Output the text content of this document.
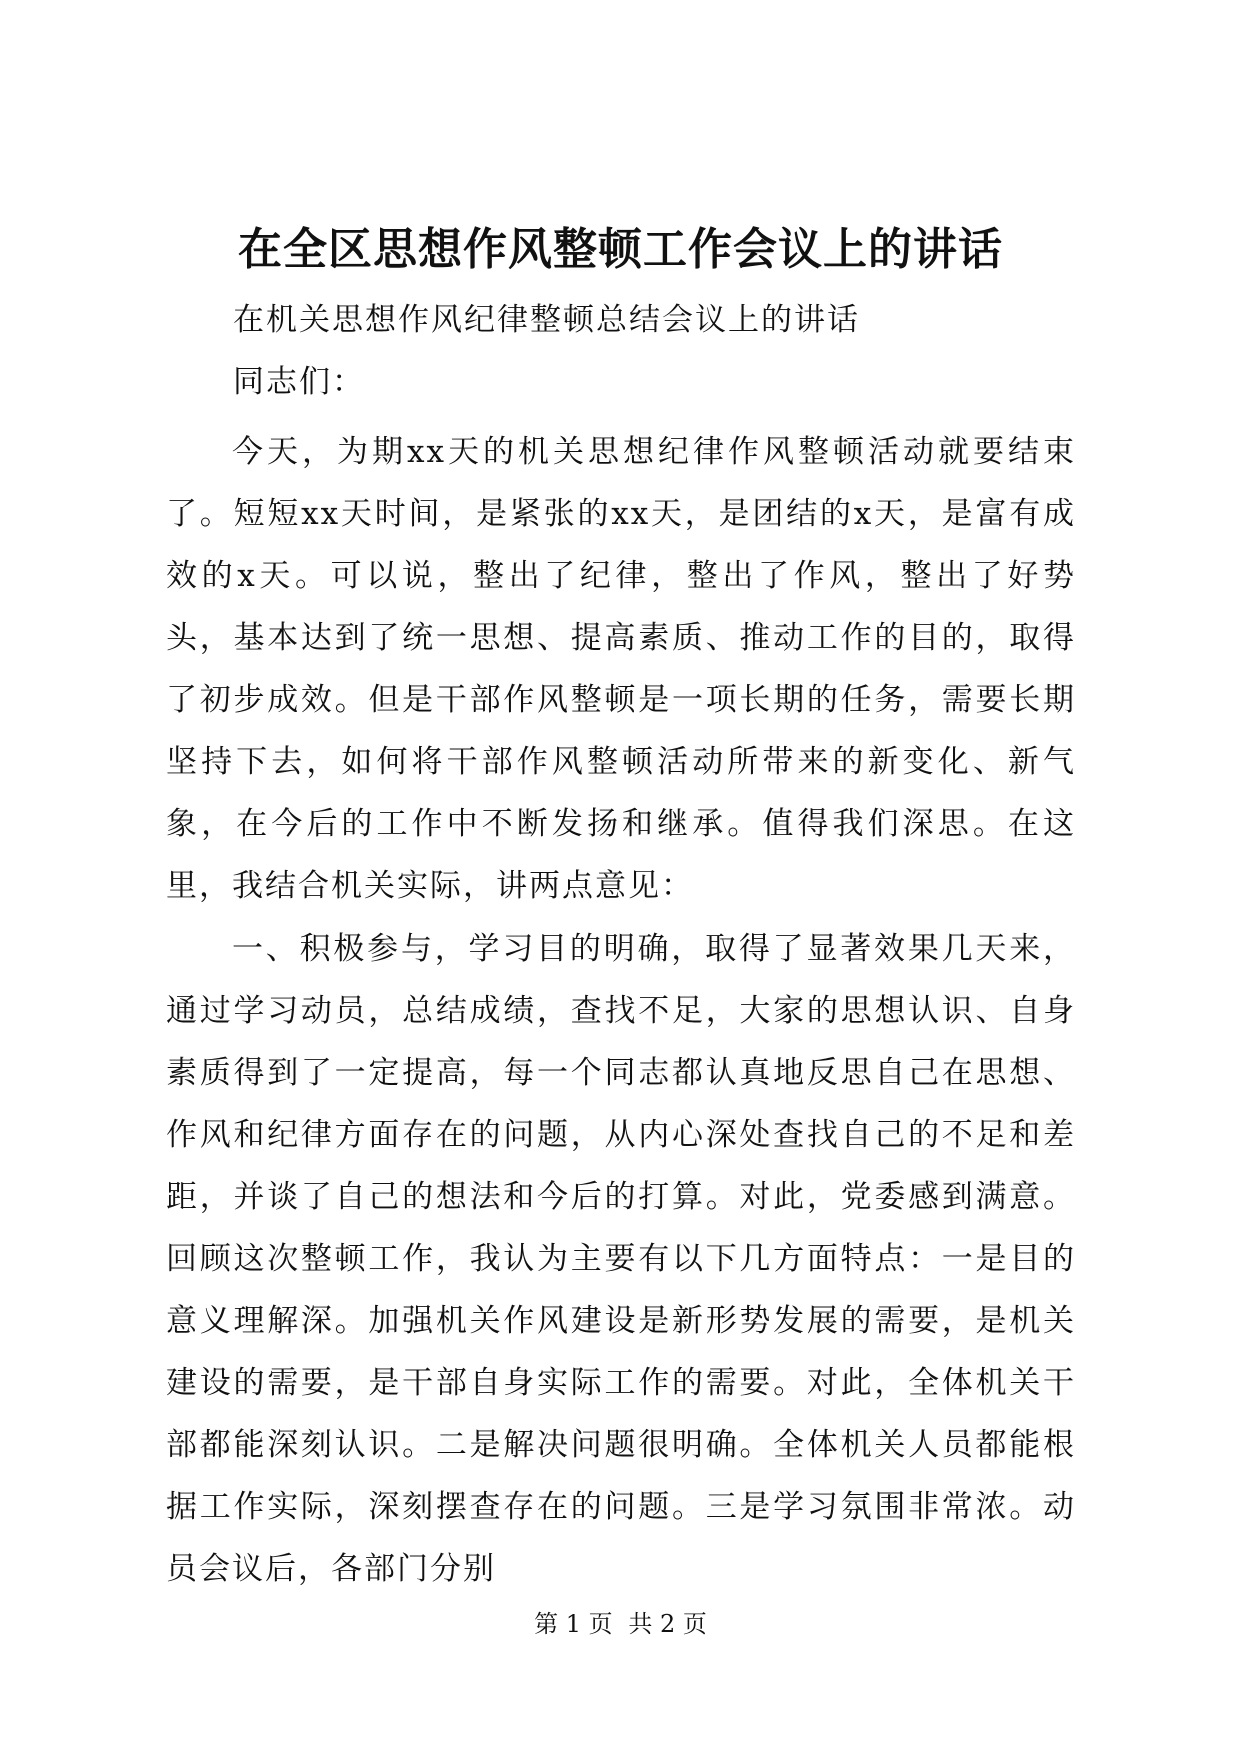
在全区思想作风整顿工作会议上的讲话
在机关思想作风纪律整顿总结会议上的讲话
同志们：

今天，为期xx天的机关思想纪律作风整顿活动就要结束了。短短xx天时间，是紧张的xx天，是团结的x天，是富有成效的x天。可以说，整出了纪律，整出了作风，整出了好势头，基本达到了统一思想、提高素质、推动工作的目的，取得了初步成效。但是干部作风整顿是一项长期的任务，需要长期坚持下去，如何将干部作风整顿活动所带来的新变化、新气象，在今后的工作中不断发扬和继承。值得我们深思。在这里，我结合机关实际，讲两点意见：

一、积极参与，学习目的明确，取得了显著效果几天来，通过学习动员，总结成绩，查找不足，大家的思想认识、自身素质得到了一定提高，每一个同志都认真地反思自己在思想、作风和纪律方面存在的问题，从内心深处查找自己的不足和差距，并谈了自己的想法和今后的打算。对此，党委感到满意。回顾这次整顿工作，我认为主要有以下几方面特点：一是目的意义理解深。加强机关作风建设是新形势发展的需要，是机关建设的需要，是干部自身实际工作的需要。对此，全体机关干部都能深刻认识。二是解决问题很明确。全体机关人员都能根据工作实际，深刻摆查存在的问题。三是学习氛围非常浓。动员会议后，各部门分别

第 1 页 共 2 页
